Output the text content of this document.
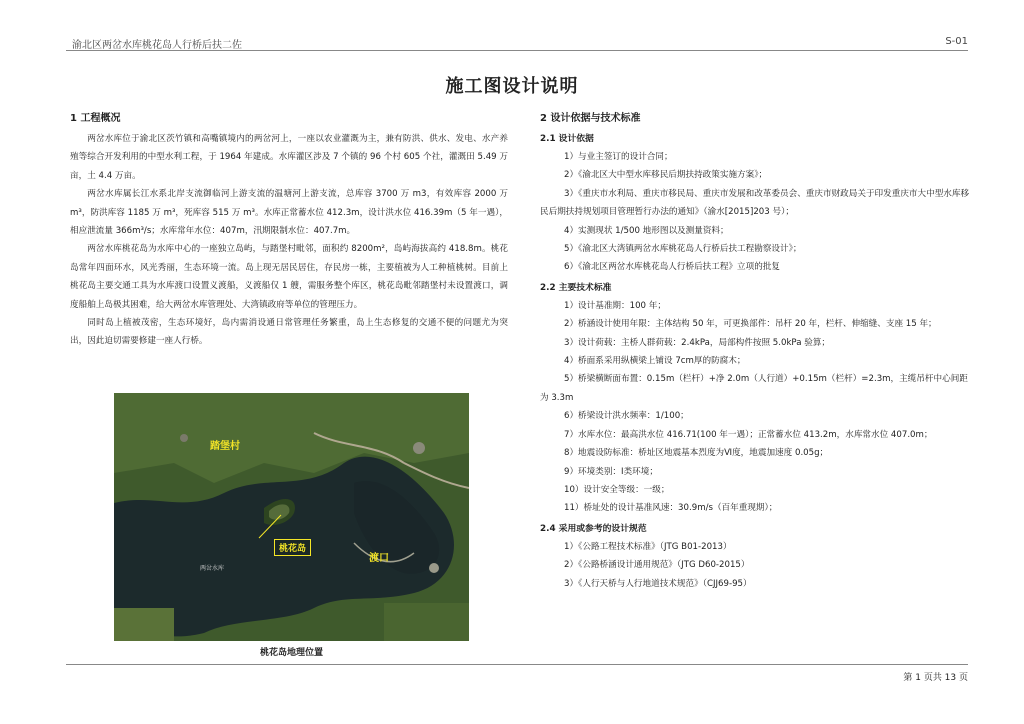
渝北区两岔水库桃花岛人行桥后扶二佐	S-01
施工图设计说明
1 工程概况

两岔水库位于渝北区茨竹镇和高嘴镇境内的两岔河上，一座以农业灌溉为主，兼有防洪、供水、发电、水产养殖等综合开发利用的中型水利工程，于 1964 年建成。水库灌区涉及 7 个镇的 96 个村 605 个社，灌溉田 5.49 万亩，土 4.4 万亩。

两岔水库属长江水系北岸支流御临河上游支流的温塘河上游支流，总库容 3700 万 m3，有效库容 2000 万 m³，防洪库容 1185 万 m³，死库容 515 万 m³。水库正常蓄水位 412.3m，设计洪水位 416.39m（5 年一遇），相应泄流量 366m³/s；水库常年水位：407m，汛期限制水位：407.7m。

两岔水库桃花岛为水库中心的一座独立岛屿，与踏堡村毗邻，面积约 8200m²，岛屿海拔高约 418.8m。桃花岛常年四面环水，风光秀丽，生态环境一流。岛上现无居民居住，存民房一栋，主要植被为人工种植桃树。目前上桃花岛主要交通工具为水库渡口设置义渡船，义渡船仅 1 艘，需服务整个库区，桃花岛毗邻踏堡村未设置渡口，调度船舶上岛极其困难，给大两岔水库管理处、大湾镇政府等单位的管理压力。

同时岛上植被茂密，生态环境好，岛内需消设通日常管理任务繁重，岛上生态修复的交通不便的问题尤为突出，因此迫切需要修建一座人行桥。

踏堡村
桃花岛
渡口
两岔水库
桃花岛地理位置
2 设计依据与技术标准
2.1 设计依据

1）与业主签订的设计合同；

2）《渝北区大中型水库移民后期扶持政策实施方案》；

3）《重庆市水利局、重庆市移民局、重庆市发展和改革委员会、重庆市财政局关于印发重庆市大中型水库移民后期扶持规划项目管理暂行办法的通知》（渝水[2015]203 号）；

4）实测现状 1/500 地形图以及测量资料；

5）《渝北区大湾镇两岔水库桃花岛人行桥后扶工程勘察设计》；

6）《渝北区两岔水库桃花岛人行桥后扶工程》立项的批复

2.2 主要技术标准

1）设计基准期：100 年；

2）桥涵设计使用年限：主体结构 50 年，可更换部件：吊杆 20 年，栏杆、伸缩缝、支座 15 年；

3）设计荷载：主桥人群荷载：2.4kPa，局部构件按照 5.0kPa 验算；

4）桥面系采用纵横梁上铺设 7cm厚的防腐木；

5）桥梁横断面布置：0.15m（栏杆）+净 2.0m（人行道）+0.15m（栏杆）=2.3m，主缆吊杆中心间距为 3.3m

6）桥梁设计洪水频率：1/100；

7）水库水位：最高洪水位 416.71(100 年一遇）；正常蓄水位 413.2m，水库常水位 407.0m；

8）地震设防标准：桥址区地震基本烈度为Ⅵ度，地震加速度 0.05g；

9）环境类别：Ⅰ类环境；

10）设计安全等级：一级；

11）桥址处的设计基准风速：30.9m/s（百年重现期）；

2.4 采用或参考的设计规范

1）《公路工程技术标准》（JTG B01-2013）

2）《公路桥涵设计通用规范》（JTG D60-2015）

3）《人行天桥与人行地道技术规范》（CJJ69-95）

第 1 页共 13 页
